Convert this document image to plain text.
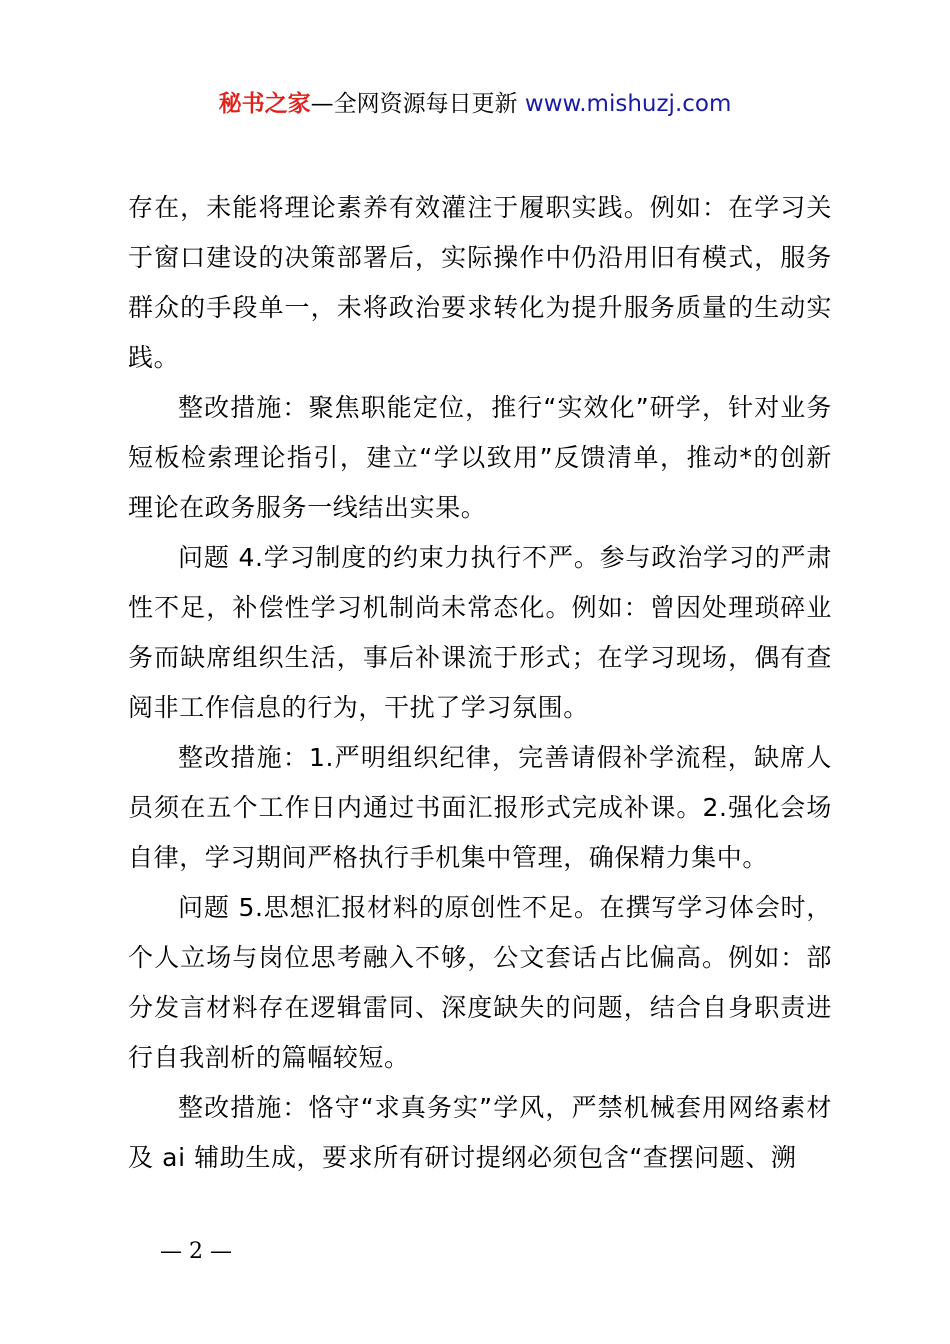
秘书之家—全网资源每日更新 www.mishuzj.com

存在，未能将理论素养有效灌注于履职实践。例如：在学习关于窗口建设的决策部署后，实际操作中仍沿用旧有模式，服务群众的手段单一，未将政治要求转化为提升服务质量的生动实践。

整改措施：聚焦职能定位，推行“实效化”研学，针对业务短板检索理论指引，建立“学以致用”反馈清单，推动*的创新理论在政务服务一线结出实果。

问题 4.学习制度的约束力执行不严。参与政治学习的严肃性不足，补偿性学习机制尚未常态化。例如：曾因处理琐碎业务而缺席组织生活，事后补课流于形式；在学习现场，偶有查阅非工作信息的行为，干扰了学习氛围。

整改措施：1.严明组织纪律，完善请假补学流程，缺席人员须在五个工作日内通过书面汇报形式完成补课。2.强化会场自律，学习期间严格执行手机集中管理，确保精力集中。

问题 5.思想汇报材料的原创性不足。在撰写学习体会时，个人立场与岗位思考融入不够，公文套话占比偏高。例如：部分发言材料存在逻辑雷同、深度缺失的问题，结合自身职责进行自我剖析的篇幅较短。

整改措施：恪守“求真务实”学风，严禁机械套用网络素材及 ai 辅助生成，要求所有研讨提纲必须包含“查摆问题、溯

— 2 —
